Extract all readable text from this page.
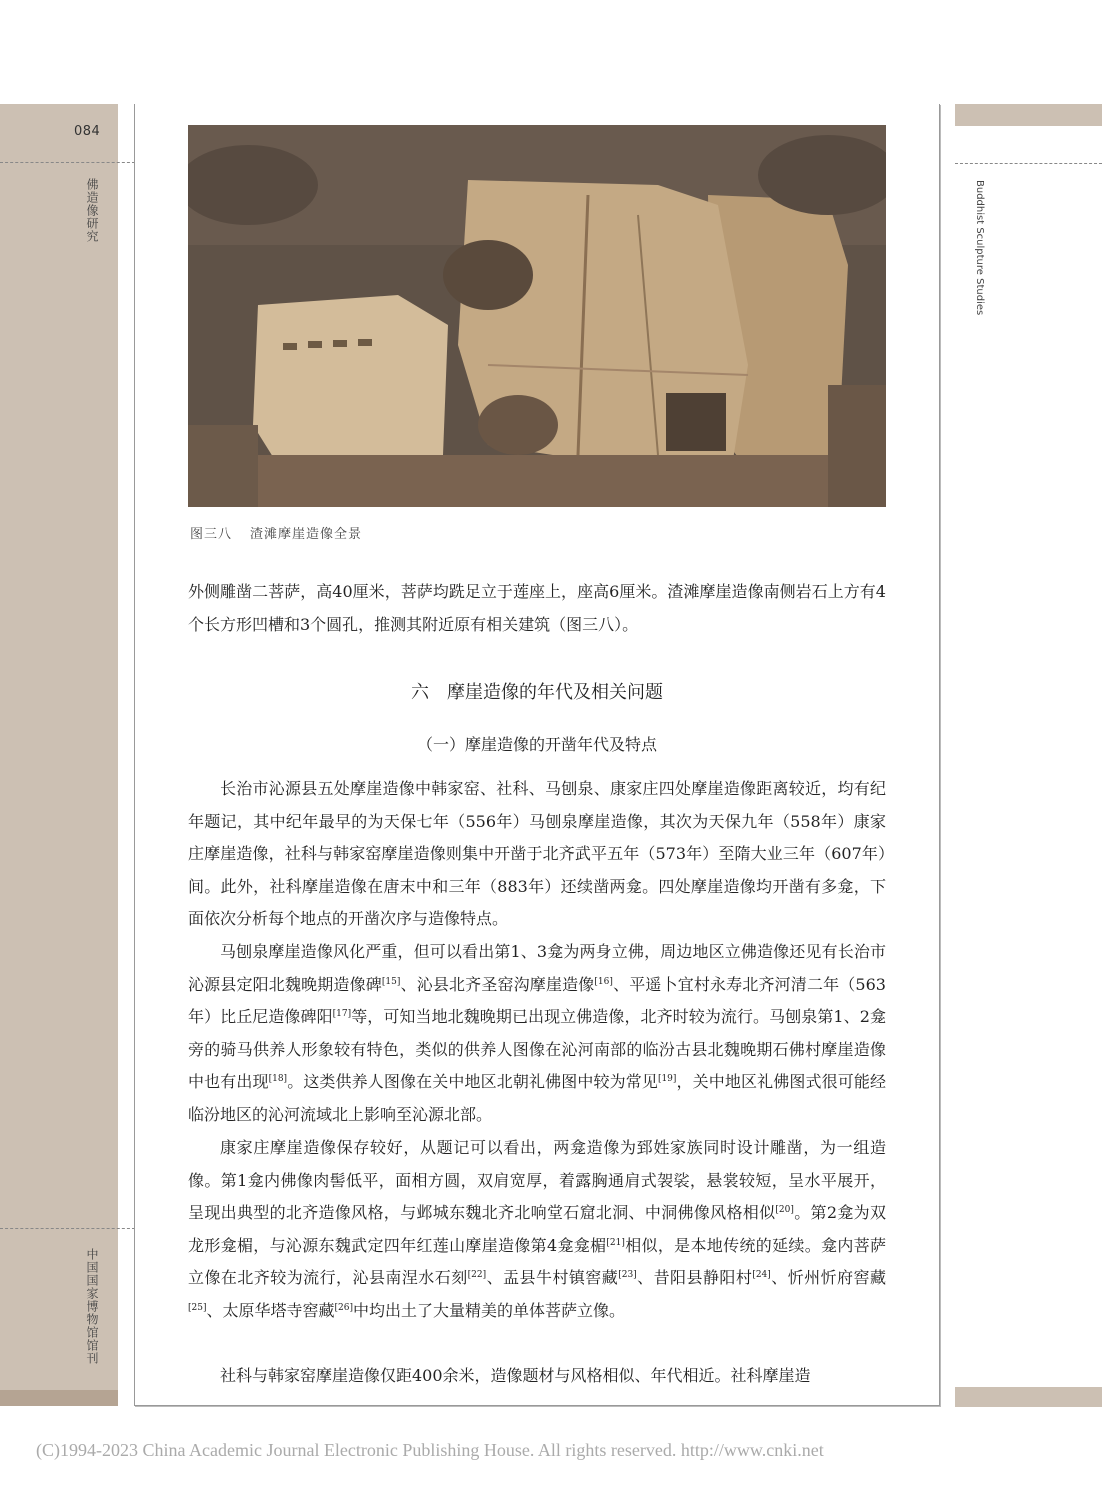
084
佛造像研究
中国国家博物馆馆刊
Buddhist Sculpture Studies
图三八 渣滩摩崖造像全景

外侧雕凿二菩萨，高40厘米，菩萨均跣足立于莲座上，座高6厘米。渣滩摩崖造像南侧岩石上方有4个长方形凹槽和3个圆孔，推测其附近原有相关建筑（图三八）。

六　摩崖造像的年代及相关问题
（一）摩崖造像的开凿年代及特点

长治市沁源县五处摩崖造像中韩家窑、社科、马刨泉、康家庄四处摩崖造像距离较近，均有纪年题记，其中纪年最早的为天保七年（556年）马刨泉摩崖造像，其次为天保九年（558年）康家庄摩崖造像，社科与韩家窑摩崖造像则集中开凿于北齐武平五年（573年）至隋大业三年（607年）间。此外，社科摩崖造像在唐末中和三年（883年）还续凿两龛。四处摩崖造像均开凿有多龛，下面依次分析每个地点的开凿次序与造像特点。

马刨泉摩崖造像风化严重，但可以看出第1、3龛为两身立佛，周边地区立佛造像还见有长治市沁源县定阳北魏晚期造像碑[15]、沁县北齐圣窑沟摩崖造像[16]、平遥卜宜村永寿北齐河清二年（563年）比丘尼造像碑阳[17]等，可知当地北魏晚期已出现立佛造像，北齐时较为流行。马刨泉第1、2龛旁的骑马供养人形象较有特色，类似的供养人图像在沁河南部的临汾古县北魏晚期石佛村摩崖造像中也有出现[18]。这类供养人图像在关中地区北朝礼佛图中较为常见[19]，关中地区礼佛图式很可能经临汾地区的沁河流域北上影响至沁源北部。

康家庄摩崖造像保存较好，从题记可以看出，两龛造像为郅姓家族同时设计雕凿，为一组造像。第1龛内佛像肉髻低平，面相方圆，双肩宽厚，着露胸通肩式袈裟，悬裳较短，呈水平展开，呈现出典型的北齐造像风格，与邺城东魏北齐北响堂石窟北洞、中洞佛像风格相似[20]。第2龛为双龙形龛楣，与沁源东魏武定四年红莲山摩崖造像第4龛龛楣[21]相似，是本地传统的延续。龛内菩萨立像在北齐较为流行，沁县南涅水石刻[22]、盂县牛村镇窖藏[23]、昔阳县静阳村[24]、忻州忻府窖藏[25]、太原华塔寺窖藏[26]中均出土了大量精美的单体菩萨立像。

社科与韩家窑摩崖造像仅距400余米，造像题材与风格相似、年代相近。社科摩崖造

(C)1994-2023 China Academic Journal Electronic Publishing House. All rights reserved. http://www.cnki.net
